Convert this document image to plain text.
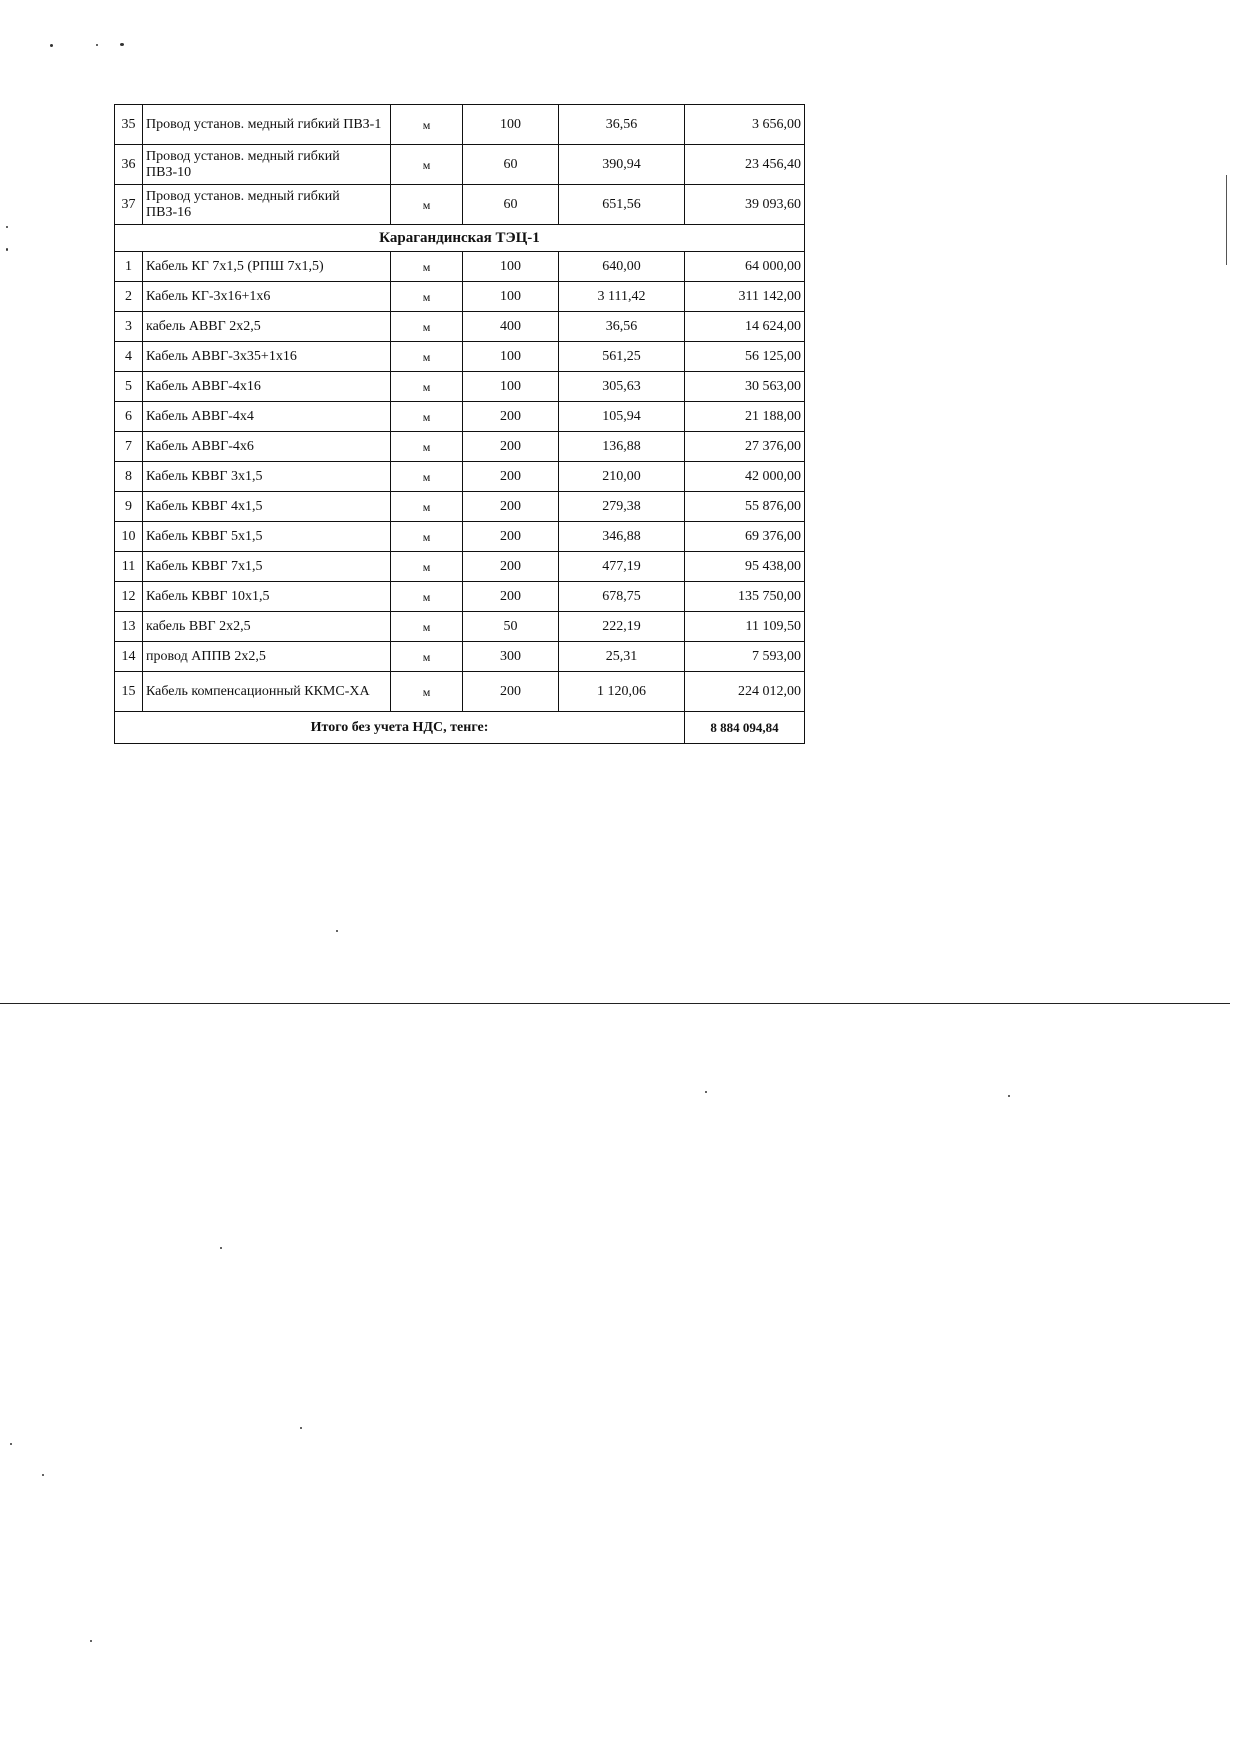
35	Провод установ. медный гибкий ПВЗ-1	м	100	36,56	3 656,00
36	Провод установ. медный гибкий ПВЗ-10	м	60	390,94	23 456,40
37	Провод установ. медный гибкий ПВЗ-16	м	60	651,56	39 093,60
Карагандинская ТЭЦ-1					
1	Кабель КГ 7х1,5 (РПШ 7х1,5)	м	100	640,00	64 000,00
2	Кабель КГ-3х16+1х6	м	100	3 111,42	311 142,00
3	кабель АВВГ 2х2,5	м	400	36,56	14 624,00
4	Кабель АВВГ-3х35+1х16	м	100	561,25	56 125,00
5	Кабель АВВГ-4х16	м	100	305,63	30 563,00
6	Кабель АВВГ-4х4	м	200	105,94	21 188,00
7	Кабель АВВГ-4х6	м	200	136,88	27 376,00
8	Кабель КВВГ 3х1,5	м	200	210,00	42 000,00
9	Кабель КВВГ 4х1,5	м	200	279,38	55 876,00
10	Кабель КВВГ 5х1,5	м	200	346,88	69 376,00
11	Кабель КВВГ 7х1,5	м	200	477,19	95 438,00
12	Кабель КВВГ 10х1,5	м	200	678,75	135 750,00
13	кабель ВВГ 2х2,5	м	50	222,19	11 109,50
14	провод АППВ 2х2,5	м	300	25,31	7 593,00
15	Кабель компенсационный ККМС-ХА	м	200	1 120,06	224 012,00
Итого без учета НДС, тенге:					8 884 094,84
